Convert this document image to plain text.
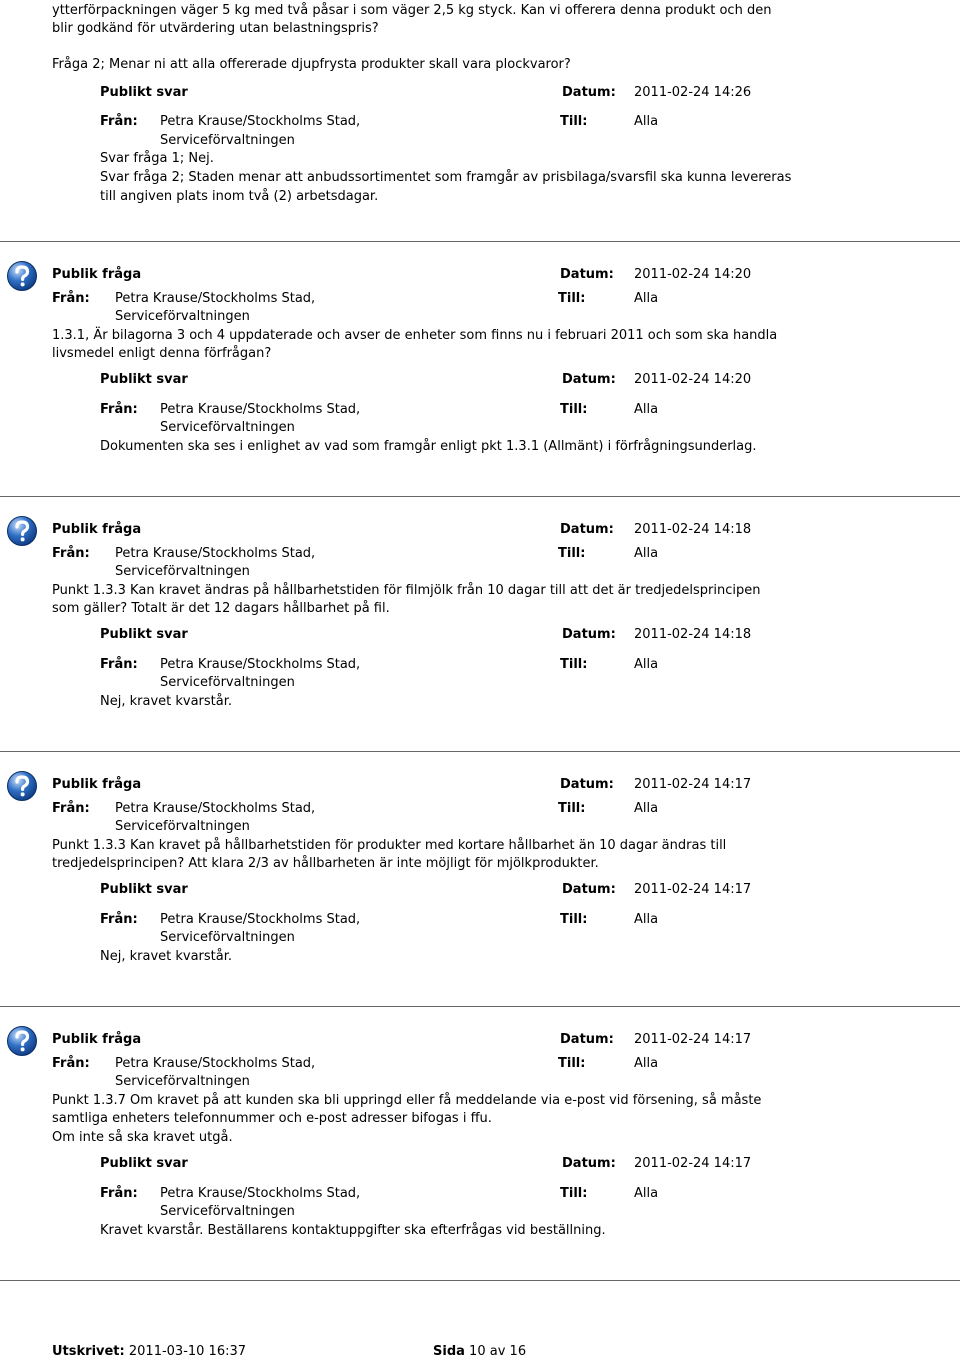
ytterförpackningen väger 5 kg med två påsar i som väger 2,5 kg styck. Kan vi offerera denna produkt och den
blir godkänd för utvärdering utan belastningspris?
Fråga 2; Menar ni att alla offererade djupfrysta produkter skall vara plockvaror?
Publikt svar	Datum: 2011-02-24 14:26
Från: Petra Krause/Stockholms Stad,
Serviceförvaltningen
Till:	Alla
Svar fråga 1; Nej.
Svar fråga 2; Staden menar att anbudssortimentet som framgår av prisbilaga/svarsfil ska kunna levereras
till angiven plats inom två (2) arbetsdagar.
Publik fråga	Datum: 2011-02-24 14:20
Från: Petra Krause/Stockholms Stad,
Serviceförvaltningen
Till:	Alla
1.3.1, Är bilagorna 3 och 4 uppdaterade och avser de enheter som finns nu i februari 2011 och som ska handla
livsmedel enligt denna förfrågan?
Publikt svar	Datum: 2011-02-24 14:20
Från: Petra Krause/Stockholms Stad,
Serviceförvaltningen
Till:	Alla
Dokumenten ska ses i enlighet av vad som framgår enligt pkt 1.3.1 (Allmänt) i förfrågningsunderlag.
Publik fråga	Datum: 2011-02-24 14:18
Från: Petra Krause/Stockholms Stad,
Serviceförvaltningen
Till:	Alla
Punkt 1.3.3 Kan kravet ändras på hållbarhetstiden för filmjölk från 10 dagar till att det är tredjedelsprincipen
som gäller? Totalt är det 12 dagars hållbarhet på fil.
Publikt svar	Datum: 2011-02-24 14:18
Från: Petra Krause/Stockholms Stad,
Serviceförvaltningen
Till:	Alla
Nej, kravet kvarstår.
Publik fråga	Datum: 2011-02-24 14:17
Från: Petra Krause/Stockholms Stad,
Serviceförvaltningen
Till:	Alla
Punkt 1.3.3 Kan kravet på hållbarhetstiden för produkter med kortare hållbarhet än 10 dagar ändras till
tredjedelsprincipen? Att klara 2/3 av hållbarheten är inte möjligt för mjölkprodukter.
Publikt svar	Datum: 2011-02-24 14:17
Från: Petra Krause/Stockholms Stad,
Serviceförvaltningen
Till:	Alla
Nej, kravet kvarstår.
Publik fråga	Datum: 2011-02-24 14:17
Från: Petra Krause/Stockholms Stad,
Serviceförvaltningen
Till:	Alla
Punkt 1.3.7 Om kravet på att kunden ska bli uppringd eller få meddelande via e-post vid försening, så måste
samtliga enheters telefonnummer och e-post adresser bifogas i ffu.
Om inte så ska kravet utgå.
Publikt svar	Datum: 2011-02-24 14:17
Från: Petra Krause/Stockholms Stad,
Serviceförvaltningen
Till:	Alla
Kravet kvarstår. Beställarens kontaktuppgifter ska efterfrågas vid beställning.
Utskrivet: 2011-03-10 16:37	Sida 10 av 16
